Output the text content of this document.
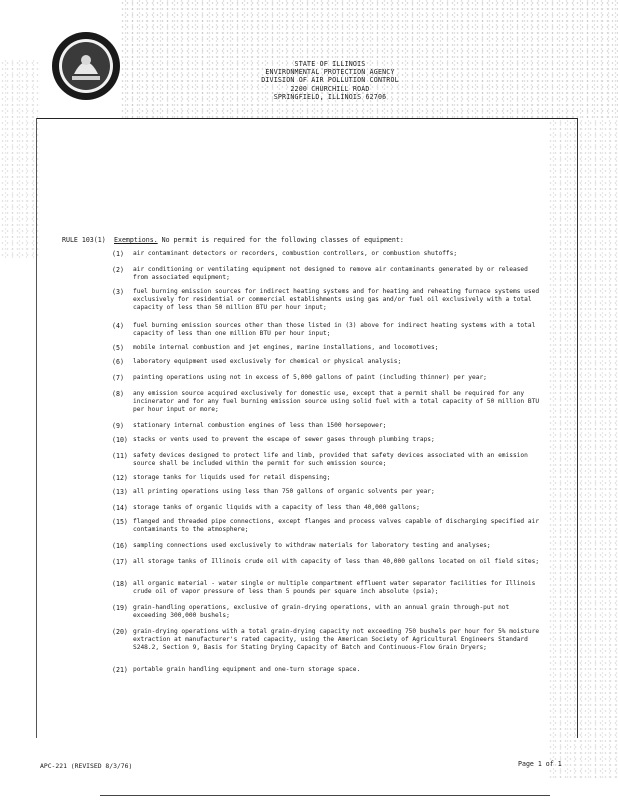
STATE OF ILLINOIS
ENVIRONMENTAL PROTECTION AGENCY
DIVISION OF AIR POLLUTION CONTROL
2200 CHURCHILL ROAD
SPRINGFIELD, ILLINOIS 62706
RULE 103(1) Exemptions. No permit is required for the following classes of equipment:
(1)	air contaminant detectors or recorders, combustion controllers, or combustion shutoffs;
(2)	air conditioning or ventilating equipment not designed to remove air contaminants generated by or released from associated equipment;
(3)	fuel burning emission sources for indirect heating systems and for heating and reheating furnace systems used exclusively for residential or commercial establishments using gas and/or fuel oil exclusively with a total capacity of less than 50 million BTU per hour input;
(4)	fuel burning emission sources other than those listed in (3) above for indirect heating systems with a total capacity of less than one million BTU per hour input;
(5)	mobile internal combustion and jet engines, marine installations, and locomotives;
(6)	laboratory equipment used exclusively for chemical or physical analysis;
(7)	painting operations using not in excess of 5,000 gallons of paint (including thinner) per year;
(8)	any emission source acquired exclusively for domestic use, except that a permit shall be required for any incinerator and for any fuel burning emission source using solid fuel with a total capacity of 50 million BTU per hour input or more;
(9)	stationary internal combustion engines of less than 1500 horsepower;
(10) stacks or vents used to prevent the escape of sewer gases through plumbing traps;
(11) safety devices designed to protect life and limb, provided that safety devices associated with an emission source shall be included within the permit for such emission source;
(12) storage tanks for liquids used for retail dispensing;
(13) all printing operations using less than 750 gallons of organic solvents per year;
(14) storage tanks of organic liquids with a capacity of less than 40,000 gallons;
(15) flanged and threaded pipe connections, except flanges and process valves capable of discharging specified air contaminants to the atmosphere;
(16) sampling connections used exclusively to withdraw materials for laboratory testing and analyses;
(17) all storage tanks of Illinois crude oil with capacity of less than 40,000 gallons located on oil field sites;
(18) all organic material - water single or multiple compartment effluent water separator facilities for Illinois crude oil of vapor pressure of less than 5 pounds per square inch absolute (psia);
(19) grain-handling operations, exclusive of grain-drying operations, with an annual grain through-put not exceeding 300,000 bushels;
(20) grain-drying operations with a total grain-drying capacity not exceeding 750 bushels per hour for 5% moisture extraction at manufacturer's rated capacity, using the American Society of Agricultural Engineers Standard S248.2, Section 9, Basis for Stating Drying Capacity of Batch and Continuous-Flow Grain Dryers;
(21) portable grain handling equipment and one-turn storage space.
APC-221 (REVISED 8/3/76)	Page 1 of 1
